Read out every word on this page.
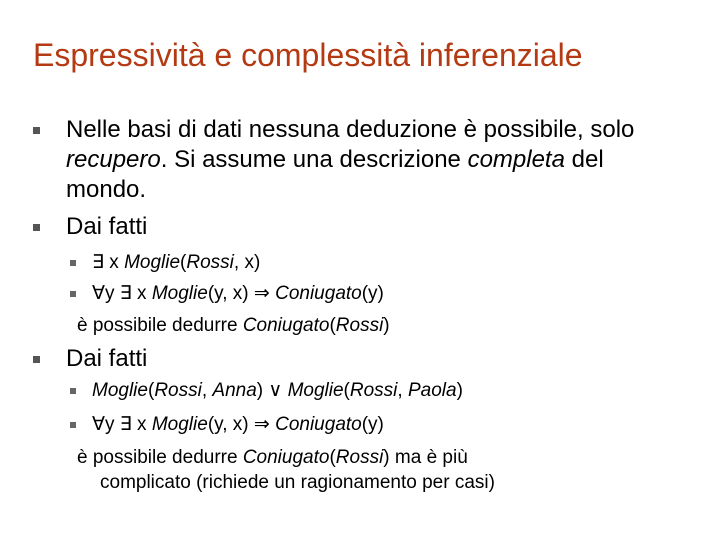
Espressività e complessità inferenziale
Nelle basi di dati nessuna deduzione è possibile, solo recupero. Si assume una descrizione completa del mondo.
Dai fatti
∃ x Moglie(Rossi, x)
∀y ∃ x Moglie(y, x) ⇒ Coniugato(y)
è possibile dedurre Coniugato(Rossi)
Dai fatti
Moglie(Rossi, Anna) ∨ Moglie(Rossi, Paola)
∀y ∃ x Moglie(y, x) ⇒ Coniugato(y)
è possibile dedurre Coniugato(Rossi) ma è più
complicato (richiede un ragionamento per casi)
